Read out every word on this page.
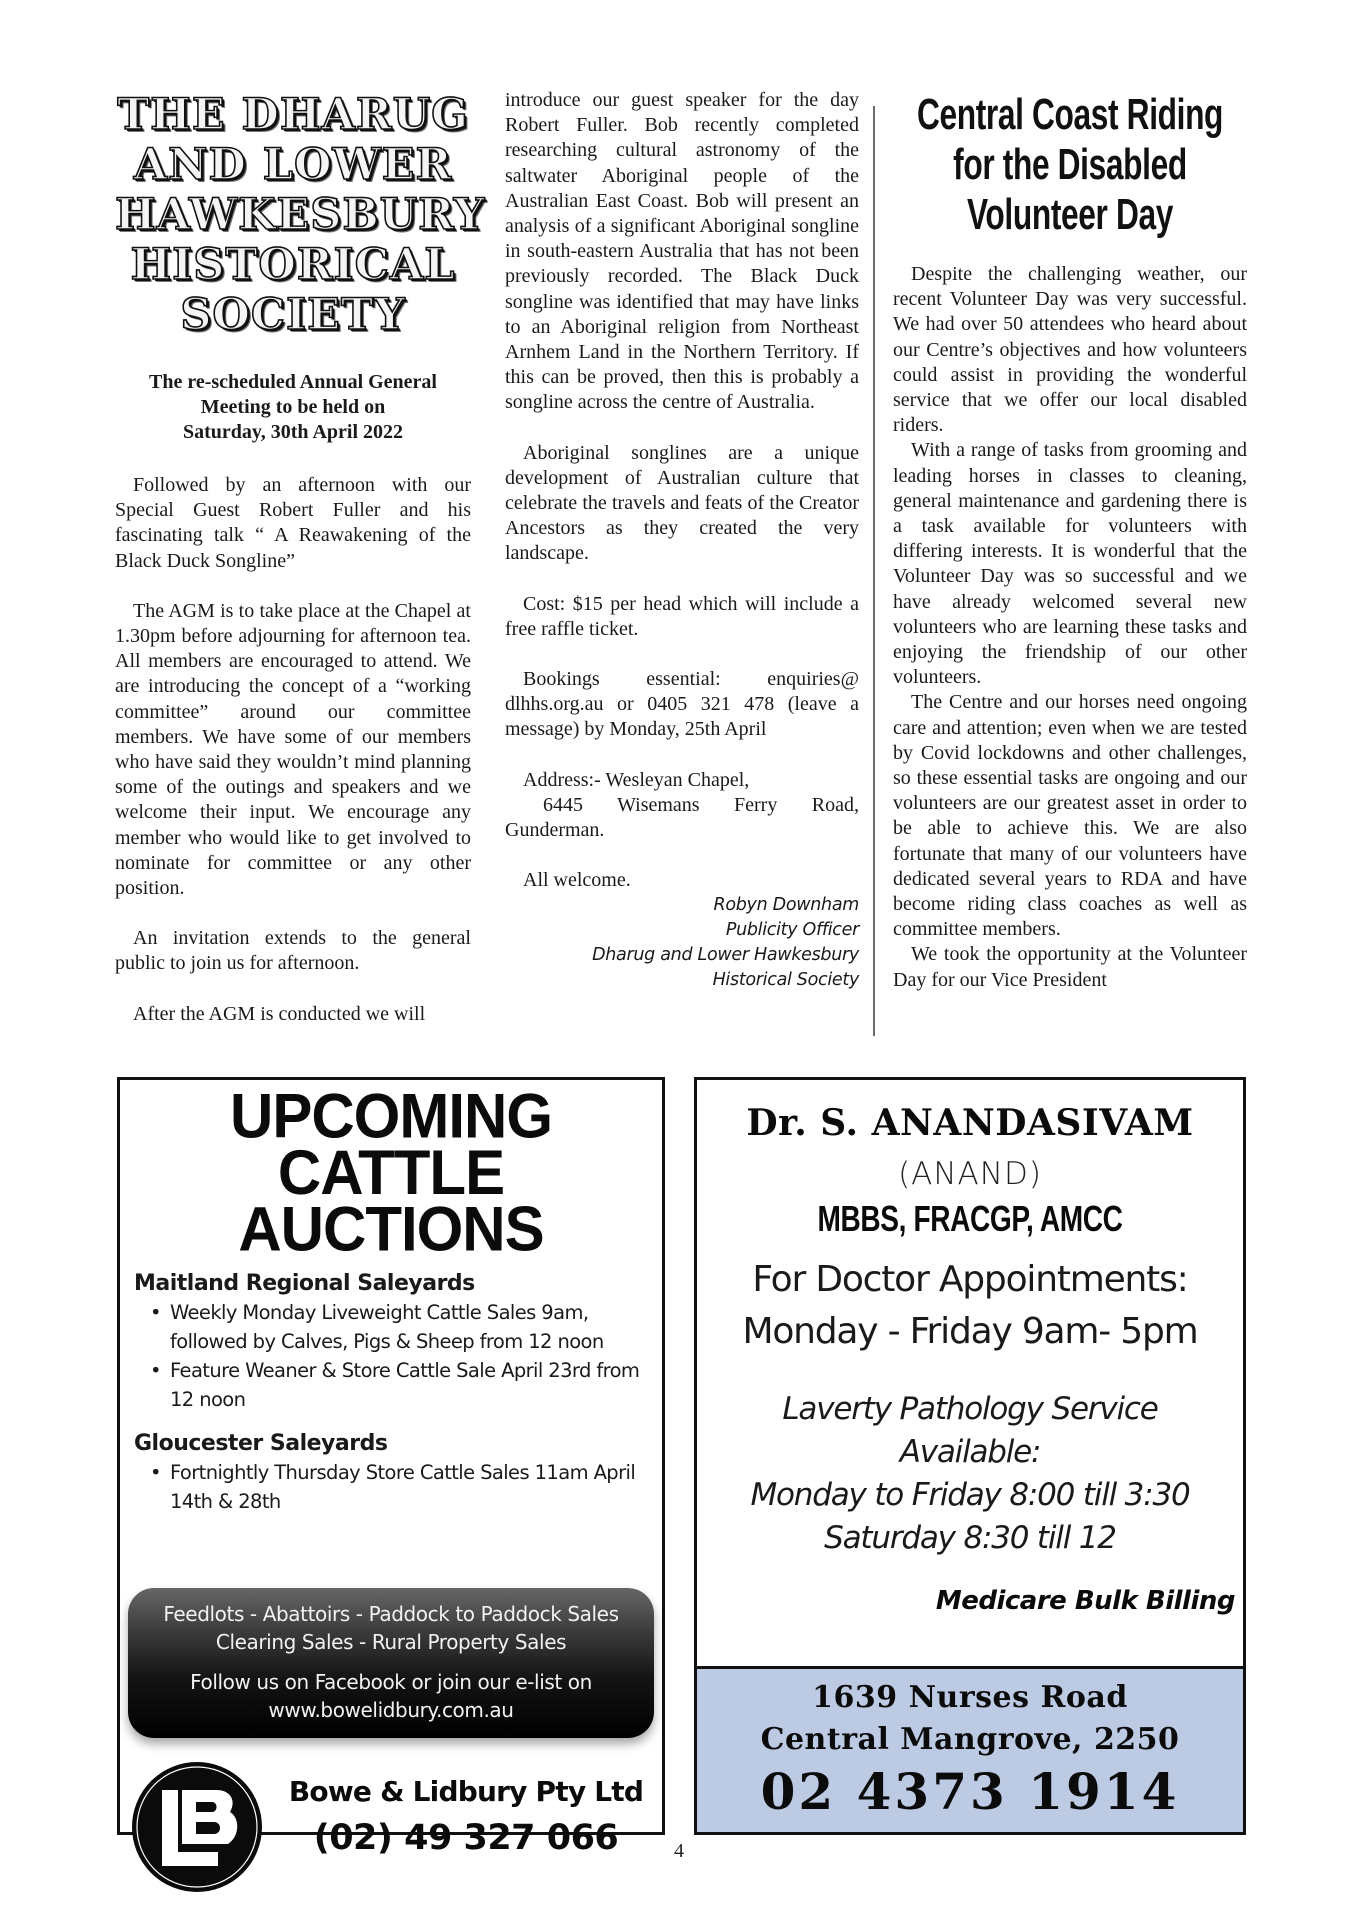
THE DHARUG
AND LOWER
HAWKESBURY
HISTORICAL
SOCIETY
The re-scheduled Annual General
Meeting to be held on
Saturday, 30th April 2022

Followed by an afternoon with our Special Guest Robert Fuller and his fascinating talk “ A Reawakening of the Black Duck Songline”

The AGM is to take place at the Chapel at 1.30pm before adjourning for afternoon tea. All members are encouraged to attend. We are introducing the concept of a “working committee” around our committee members. We have some of our members who have said they wouldn’t mind planning some of the outings and speakers and we welcome their input. We encourage any member who would like to get involved to nominate for committee or any other position.

An invitation extends to the general public to join us for afternoon.

After the AGM is conducted we will

introduce our guest speaker for the day Robert Fuller. Bob recently completed researching cultural astronomy of the saltwater Aboriginal people of the Australian East Coast. Bob will present an analysis of a significant Aboriginal songline in south-eastern Australia that has not been previously recorded. The Black Duck songline was identified that may have links to an Aboriginal religion from Northeast Arnhem Land in the Northern Territory. If this can be proved, then this is probably a songline across the centre of Australia.

Aboriginal songlines are a unique development of Australian culture that celebrate the travels and feats of the Creator Ancestors as they created the very landscape.

Cost: $15 per head which will include a free raffle ticket.

Bookings essential: enquiries@ dlhhs.org.au or 0405 321 478 (leave a message) by Monday, 25th April

Address:- Wesleyan Chapel,

6445 Wisemans Ferry Road, Gunderman.

All welcome.

Robyn Downham
Publicity Officer
Dharug and Lower Hawkesbury
Historical Society
Central Coast Riding
for the Disabled
Volunteer Day

Despite the challenging weather, our recent Volunteer Day was very successful. We had over 50 attendees who heard about our Centre’s objectives and how volunteers could assist in providing the wonderful service that we offer our local disabled riders.

With a range of tasks from grooming and leading horses in classes to cleaning, general maintenance and gardening there is a task available for volunteers with differing interests. It is wonderful that the Volunteer Day was so successful and we have already welcomed several new volunteers who are learning these tasks and enjoying the friendship of our other volunteers.

The Centre and our horses need ongoing care and attention; even when we are tested by Covid lockdowns and other challenges, so these essential tasks are ongoing and our volunteers are our greatest asset in order to be able to achieve this. We are also fortunate that many of our volunteers have dedicated several years to RDA and have become riding class coaches as well as committee members.

We took the opportunity at the Volunteer Day for our Vice President

UPCOMING
CATTLE AUCTIONS
Maitland Regional Saleyards
• Weekly Monday Liveweight Cattle Sales 9am, followed by Calves, Pigs & Sheep from 12 noon
• Feature Weaner & Store Cattle Sale April 23rd from 12 noon
Gloucester Saleyards
• Fortnightly Thursday Store Cattle Sales 11am April 14th & 28th
Feedlots - Abattoirs - Paddock to Paddock Sales
Clearing Sales - Rural Property Sales
Follow us on Facebook or join our e-list on
www.bowelidbury.com.au
Bowe & Lidbury Pty Ltd
(02) 49 327 066
Dr. S. ANANDASIVAM
(ANAND)
MBBS, FRACGP, AMCC
For Doctor Appointments:
Monday - Friday 9am- 5pm
Laverty Pathology Service
Available:
Monday to Friday 8:00 till 3:30
Saturday 8:30 till 12
Medicare Bulk Billing
1639 Nurses Road
Central Mangrove, 2250
02 4373 1914
4
